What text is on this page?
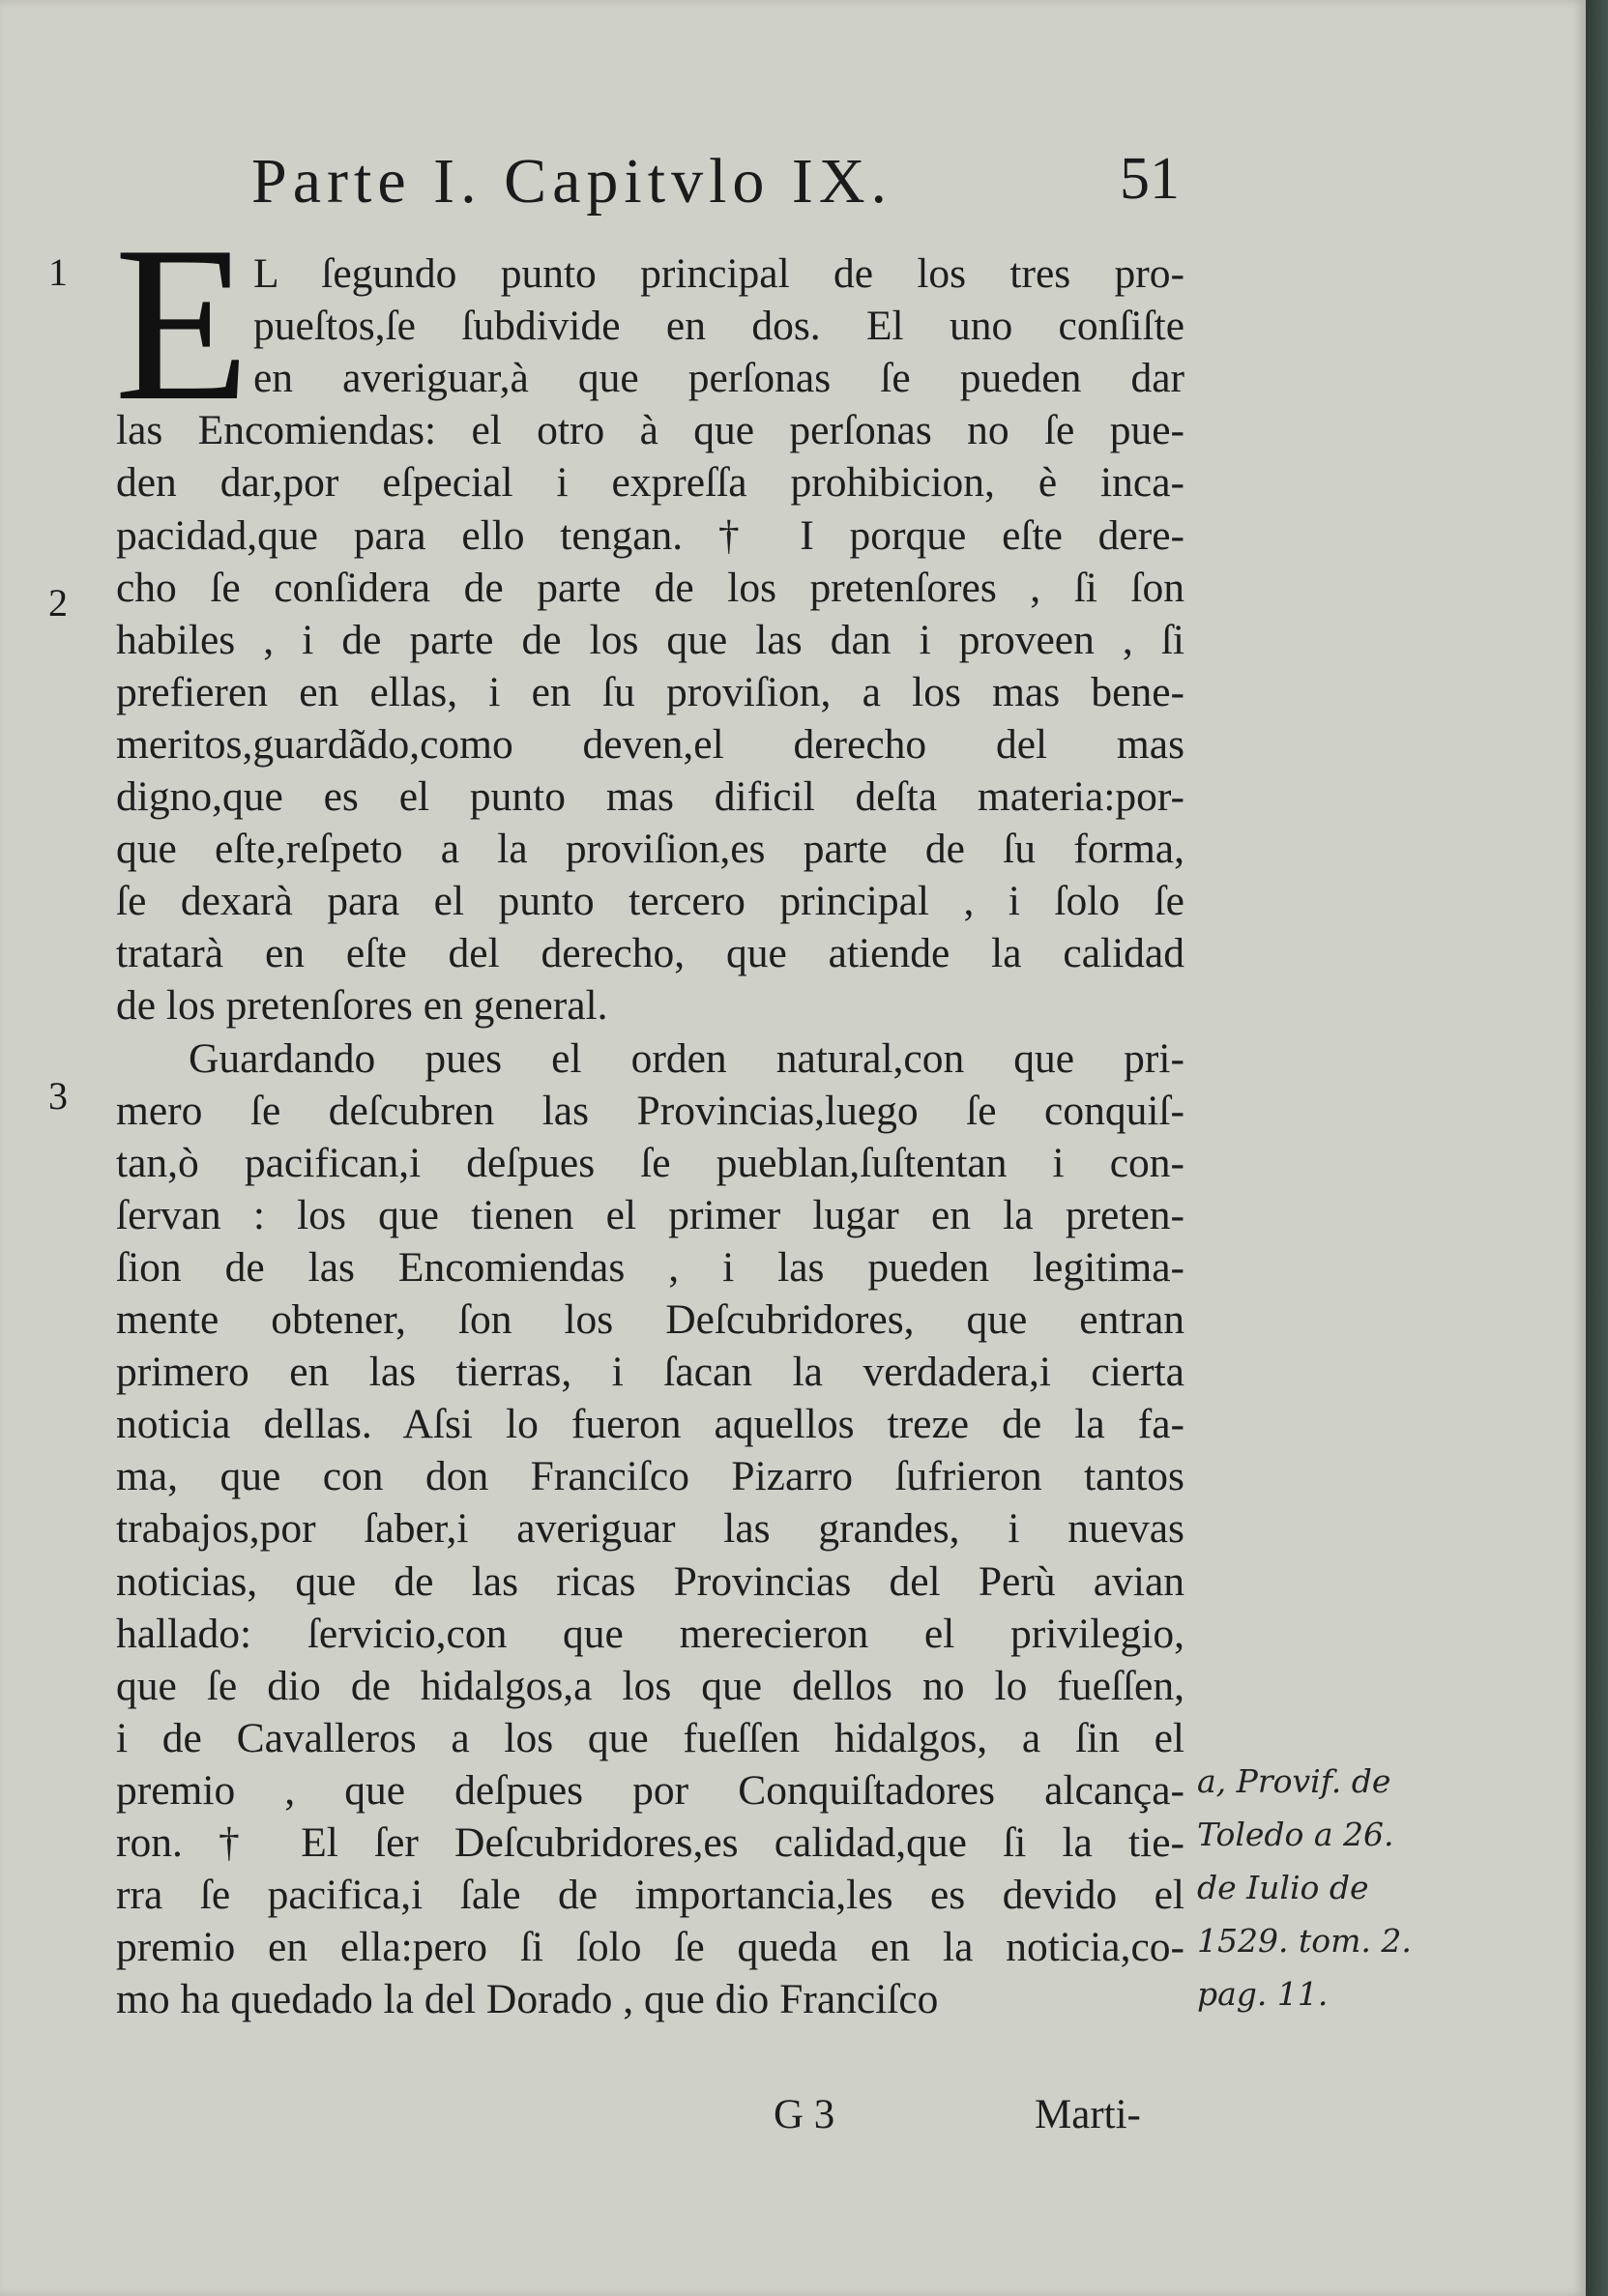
Parte I. Capitvlo IX.	51
1
2
3
E L ſegundo punto principal de los tres pro-
pueſtos,ſe ſubdivide en dos. El uno conſiſte
en averiguar,à que perſonas ſe pueden dar
las Encomiendas: el otro à que perſonas no ſe pue-
den dar,por eſpecial i expreſſa prohibicion, è inca-
pacidad,que para ello tengan. † I porque eſte dere-
cho ſe conſidera de parte de los pretenſores , ſi ſon
habiles , i de parte de los que las dan i proveen , ſi
prefieren en ellas, i en ſu proviſion, a los mas bene-
meritos,guardãdo,como deven,el derecho del mas
digno,que es el punto mas dificil deſta materia:por-
que eſte,reſpeto a la proviſion,es parte de ſu forma,
ſe dexarà para el punto tercero principal , i ſolo ſe
tratarà en eſte del derecho, que atiende la calidad
de los pretenſores en general.
Guardando pues el orden natural,con que pri-
mero ſe deſcubren las Provincias,luego ſe conquiſ-
tan,ò pacifican,i deſpues ſe pueblan,ſuſtentan i con-
ſervan : los que tienen el primer lugar en la preten-
ſion de las Encomiendas , i las pueden legitima-
mente obtener, ſon los Deſcubridores, que entran
primero en las tierras, i ſacan la verdadera,i cierta
noticia dellas. Aſsi lo fueron aquellos treze de la fa-
ma, que con don Franciſco Pizarro ſufrieron tantos
trabajos,por ſaber,i averiguar las grandes, i nuevas
noticias, que de las ricas Provincias del Perù avian
hallado: ſervicio,con que merecieron el privilegio,
que ſe dio de hidalgos,a los que dellos no lo fueſſen,
i de Cavalleros a los que fueſſen hidalgos, a ſin el
premio , que deſpues por Conquiſtadores alcança-
ron. † El ſer Deſcubridores,es calidad,que ſi la tie-
rra ſe pacifica,i ſale de importancia,les es devido el
premio en ella:pero ſi ſolo ſe queda en la noticia,co-
mo ha quedado la del Dorado , que dio Franciſco
a, Provif. de
Toledo a 26.
de Iulio de
1529. tom. 2.
pag. 11.
G 3	Marti-
